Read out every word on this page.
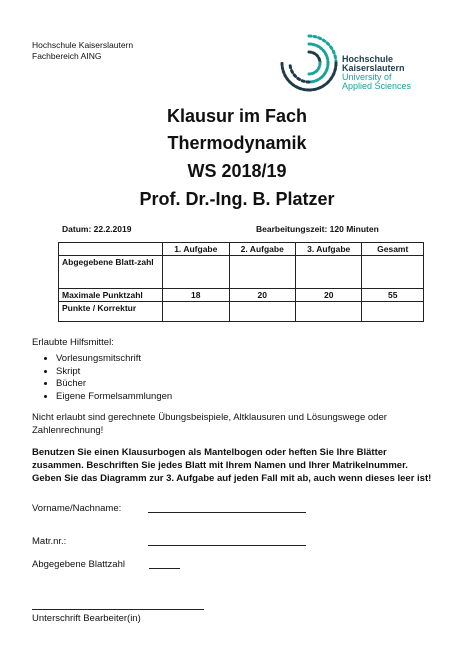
Hochschule Kaiserslautern
Fachbereich AING	Hochschule
Kaiserslautern
University of
Applied Sciences
Klausur im Fach
Thermodynamik
WS 2018/19
Prof. Dr.-Ing. B. Platzer
Datum: 22.2.2019	Bearbeitungszeit: 120 Minuten
	1. Aufgabe	2. Aufgabe	3. Aufgabe	Gesamt
Abgegebene Blatt-zahl				
Maximale Punktzahl	18	20	20	55
Punkte / Korrektur				
Erlaubte Hilfsmittel:
• Vorlesungsmitschrift
• Skript
• Bücher
• Eigene Formelsammlungen
Nicht erlaubt sind gerechnete Übungsbeispiele, Altklausuren und Lösungswege oder Zahlenrechnung!
Benutzen Sie einen Klausurbogen als Mantelbogen oder heften Sie Ihre Blätter zusammen. Beschriften Sie jedes Blatt mit Ihrem Namen und Ihrer Matrikelnummer. Geben Sie das Diagramm zur 3. Aufgabe auf jeden Fall mit ab, auch wenn dieses leer ist!
Vorname/Nachname:
Matr.nr.:
Abgegebene Blattzahl
Unterschrift Bearbeiter(in)
